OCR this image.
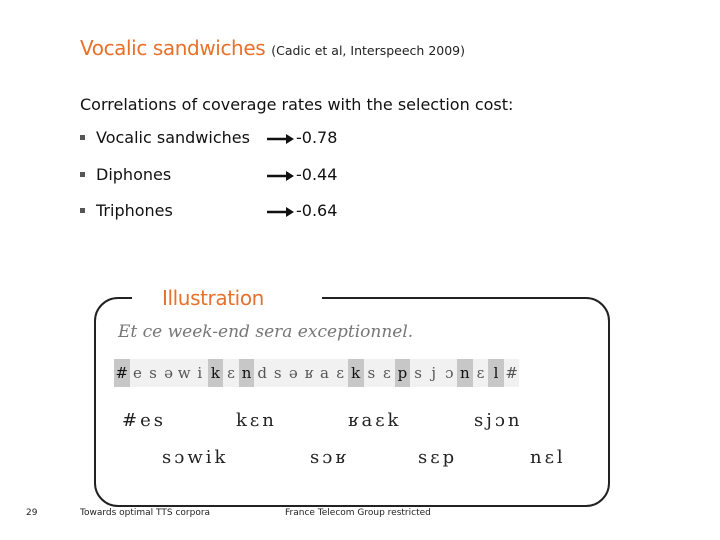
Vocalic sandwiches (Cadic et al, Interspeech 2009)
Correlations of coverage rates with the selection cost:
Vocalic sandwiches	-0.78
Diphones	-0.44
Triphones	-0.64
Illustration
Et ce week-end sera exceptionnel.
# e s ə w i k ɛ n d s ə ʁ a ɛ k s ɛ p s j ɔ n ɛ l #
#es	kɛn	ʁaɛk	sjɔn
sɔwik	sɔʁ	sɛp	nɛl
29	Towards optimal TTS corpora	France Telecom Group restricted
